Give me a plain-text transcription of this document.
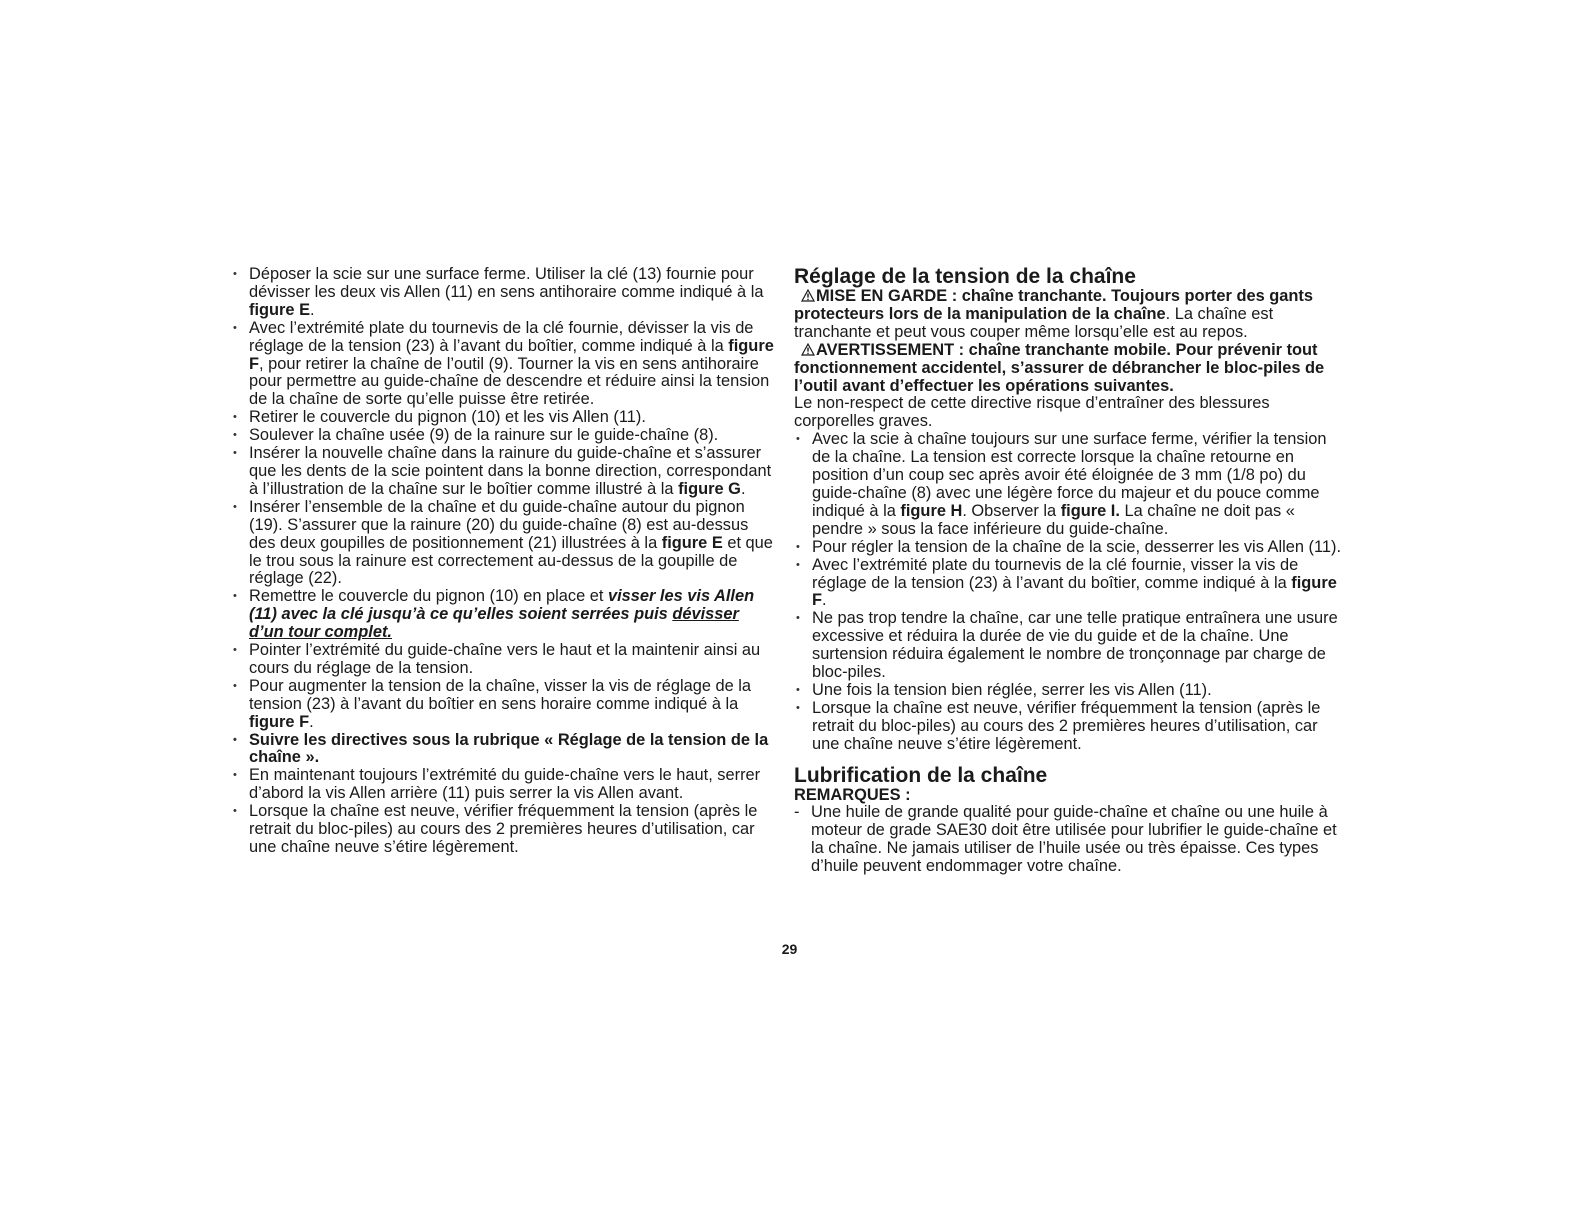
• Déposer la scie sur une surface ferme. Utiliser la clé (13) fournie pour dévisser les deux vis Allen (11) en sens antihoraire comme indiqué à la figure E.
• Avec l’extrémité plate du tournevis de la clé fournie, dévisser la vis de réglage de la tension (23) à l’avant du boîtier, comme indiqué à la figure F, pour retirer la chaîne de l’outil (9). Tourner la vis en sens antihoraire pour permettre au guide-chaîne de descendre et réduire ainsi la tension de la chaîne de sorte qu’elle puisse être retirée.
• Retirer le couvercle du pignon (10) et les vis Allen (11).
• Soulever la chaîne usée (9) de la rainure sur le guide-chaîne (8).
• Insérer la nouvelle chaîne dans la rainure du guide-chaîne et s’assurer que les dents de la scie pointent dans la bonne direction, correspondant à l’illustration de la chaîne sur le boîtier comme illustré à la figure G.
• Insérer l’ensemble de la chaîne et du guide-chaîne autour du pignon (19). S’assurer que la rainure (20) du guide-chaîne (8) est au-dessus des deux goupilles de positionnement (21) illustrées à la figure E et que le trou sous la rainure est correctement au-dessus de la goupille de réglage (22).
• Remettre le couvercle du pignon (10) en place et visser les vis Allen (11) avec la clé jusqu’à ce qu’elles soient serrées puis dévisser d’un tour complet.
• Pointer l’extrémité du guide-chaîne vers le haut et la maintenir ainsi au cours du réglage de la tension.
• Pour augmenter la tension de la chaîne, visser la vis de réglage de la tension (23) à l’avant du boîtier en sens horaire comme indiqué à la figure F.
• Suivre les directives sous la rubrique « Réglage de la tension de la chaîne ».
• En maintenant toujours l’extrémité du guide-chaîne vers le haut, serrer d’abord la vis Allen arrière (11) puis serrer la vis Allen avant.
• Lorsque la chaîne est neuve, vérifier fréquemment la tension (après le retrait du bloc-piles) au cours des 2 premières heures d’utilisation, car une chaîne neuve s’étire légèrement.
Réglage de la tension de la chaîne

MISE EN GARDE : chaîne tranchante. Toujours porter des gants protecteurs lors de la manipulation de la chaîne. La chaîne est tranchante et peut vous couper même lorsqu’elle est au repos.

AVERTISSEMENT : chaîne tranchante mobile. Pour prévenir tout fonctionnement accidentel, s’assurer de débrancher le bloc-piles de l’outil avant d’effectuer les opérations suivantes.

Le non-respect de cette directive risque d’entraîner des blessures corporelles graves.

• Avec la scie à chaîne toujours sur une surface ferme, vérifier la tension de la chaîne. La tension est correcte lorsque la chaîne retourne en position d’un coup sec après avoir été éloignée de 3 mm (1/8 po) du guide-chaîne (8) avec une légère force du majeur et du pouce comme indiqué à la figure H. Observer la figure I. La chaîne ne doit pas « pendre » sous la face inférieure du guide-chaîne.
• Pour régler la tension de la chaîne de la scie, desserrer les vis Allen (11).
• Avec l’extrémité plate du tournevis de la clé fournie, visser la vis de réglage de la tension (23) à l’avant du boîtier, comme indiqué à la figure F.
• Ne pas trop tendre la chaîne, car une telle pratique entraînera une usure excessive et réduira la durée de vie du guide et de la chaîne. Une surtension réduira également le nombre de tronçonnage par charge de bloc-piles.
• Une fois la tension bien réglée, serrer les vis Allen (11).
• Lorsque la chaîne est neuve, vérifier fréquemment la tension (après le retrait du bloc-piles) au cours des 2 premières heures d’utilisation, car une chaîne neuve s’étire légèrement.
Lubrification de la chaîne

REMARQUES :

- Une huile de grande qualité pour guide-chaîne et chaîne ou une huile à moteur de grade SAE30 doit être utilisée pour lubrifier le guide-chaîne et la chaîne. Ne jamais utiliser de l’huile usée ou très épaisse. Ces types d’huile peuvent endommager votre chaîne.
29
